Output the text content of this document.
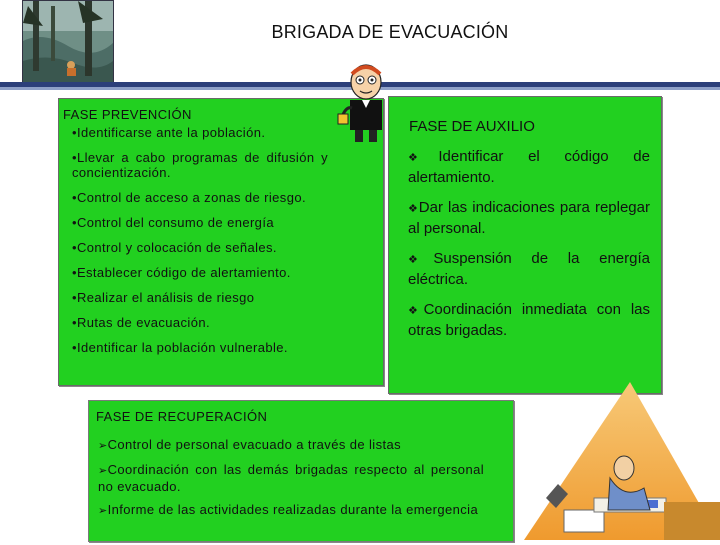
BRIGADA DE EVACUACIÓN
FASE PREVENCIÓN
• Identificarse ante la población.
• Llevar a cabo programas de difusión y concientización.
• Control de acceso a zonas de riesgo.
• Control del consumo de energía
• Control y colocación de señales.
• Establecer código de alertamiento.
• Realizar el análisis de riesgo
• Rutas de evacuación.
• Identificar la población vulnerable.
FASE DE AUXILIO
❖ Identificar el código de alertamiento.
❖ Dar las indicaciones para replegar al personal.
❖ Suspensión de la energía eléctrica.
❖ Coordinación inmediata con las otras brigadas.
FASE DE RECUPERACIÓN
➢ Control de personal evacuado a través de listas
➢ Coordinación con las demás brigadas respecto al personal no evacuado.
➢ Informe de las actividades realizadas durante la emergencia
